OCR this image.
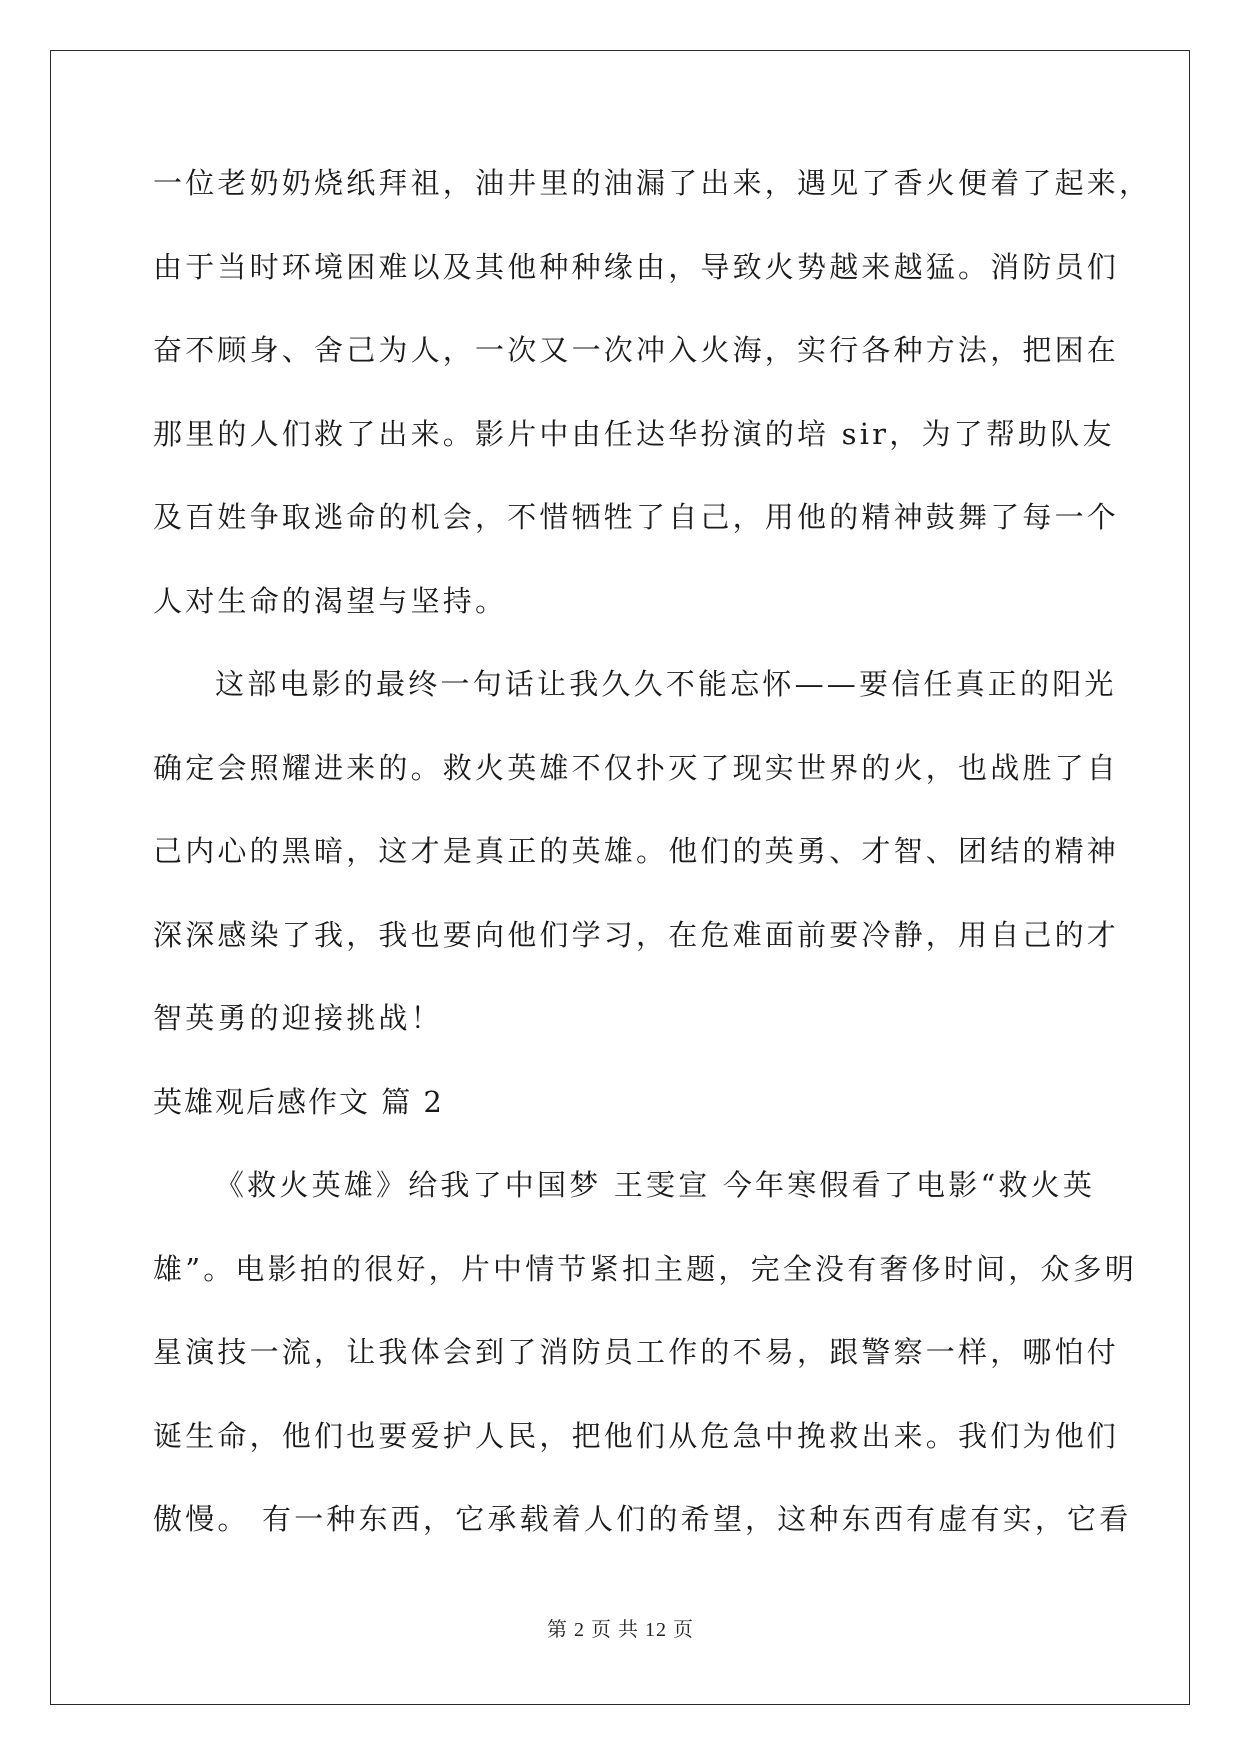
一位老奶奶烧纸拜祖，油井里的油漏了出来，遇见了香火便着了起来，
由于当时环境困难以及其他种种缘由，导致火势越来越猛。消防员们
奋不顾身、舍己为人，一次又一次冲入火海，实行各种方法，把困在
那里的人们救了出来。影片中由任达华扮演的培 sir，为了帮助队友
及百姓争取逃命的机会，不惜牺牲了自己，用他的精神鼓舞了每一个
人对生命的渴望与坚持。
这部电影的最终一句话让我久久不能忘怀——要信任真正的阳光
确定会照耀进来的。救火英雄不仅扑灭了现实世界的火，也战胜了自
己内心的黑暗，这才是真正的英雄。他们的英勇、才智、团结的精神
深深感染了我，我也要向他们学习，在危难面前要冷静，用自己的才
智英勇的迎接挑战！
英雄观后感作文 篇 2
《救火英雄》给我了中国梦 王雯宣 今年寒假看了电影“救火英
雄”。电影拍的很好，片中情节紧扣主题，完全没有奢侈时间，众多明
星演技一流，让我体会到了消防员工作的不易，跟警察一样，哪怕付
诞生命，他们也要爱护人民，把他们从危急中挽救出来。我们为他们
傲慢。 有一种东西，它承载着人们的希望，这种东西有虚有实，它看
第 2 页 共 12 页
